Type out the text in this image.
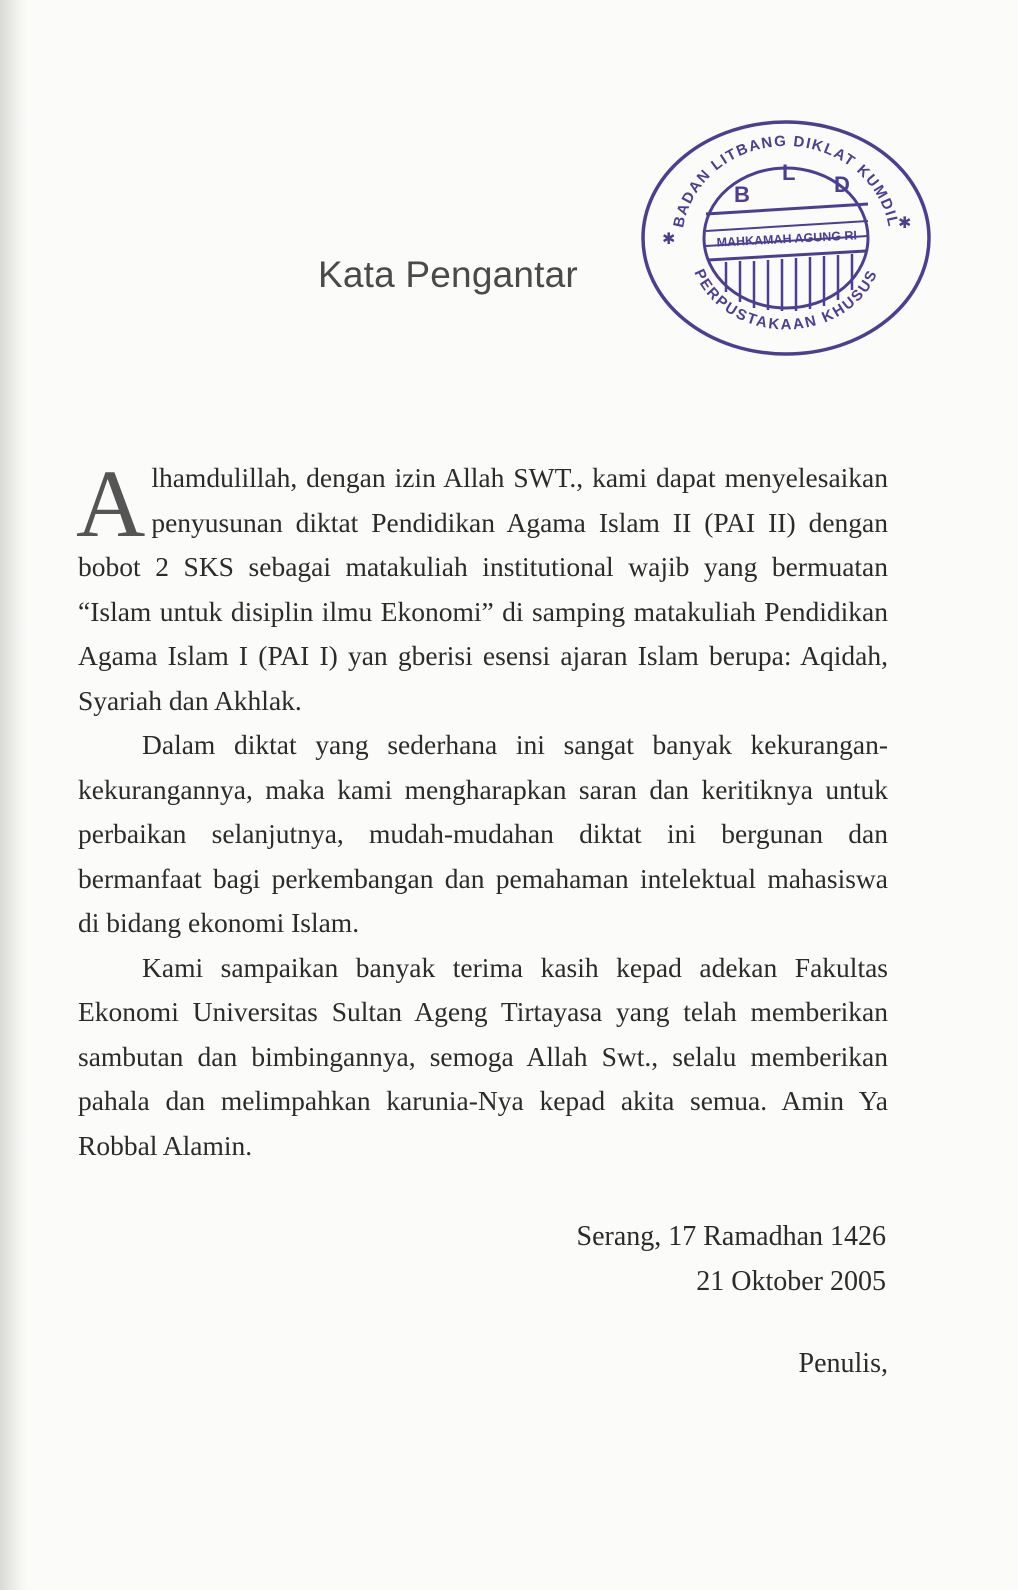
Kata Pengantar
BADAN LITBANG DIKLAT KUMDIL
PERPUSTAKAAN KHUSUS
B
L D
MAHKAMAH AGUNG RI
✱
✱

Alhamdulillah, dengan izin Allah SWT., kami dapat menyelesaikan penyusunan diktat Pendidikan Agama Islam II (PAI II) dengan bobot 2 SKS sebagai matakuliah institutional wajib yang bermuatan “Islam untuk disiplin ilmu Ekonomi” di samping matakuliah Pendidikan Agama Islam I (PAI I) yan gberisi esensi ajaran Islam berupa: Aqidah, Syariah dan Akhlak.

Dalam diktat yang sederhana ini sangat banyak kekurangan-kekurangannya, maka kami mengharapkan saran dan keritiknya untuk perbaikan selanjutnya, mudah-mudahan diktat ini bergunan dan bermanfaat bagi perkembangan dan pemahaman intelektual mahasiswa di bidang ekonomi Islam.

Kami sampaikan banyak terima kasih kepad adekan Fakultas Ekonomi Universitas Sultan Ageng Tirtayasa yang telah memberikan sambutan dan bimbingannya, semoga Allah Swt., selalu memberikan pahala dan melimpahkan karunia-Nya kepad akita semua. Amin Ya Robbal Alamin.

Serang, 17 Ramadhan 1426
21 Oktober 2005
Penulis,
